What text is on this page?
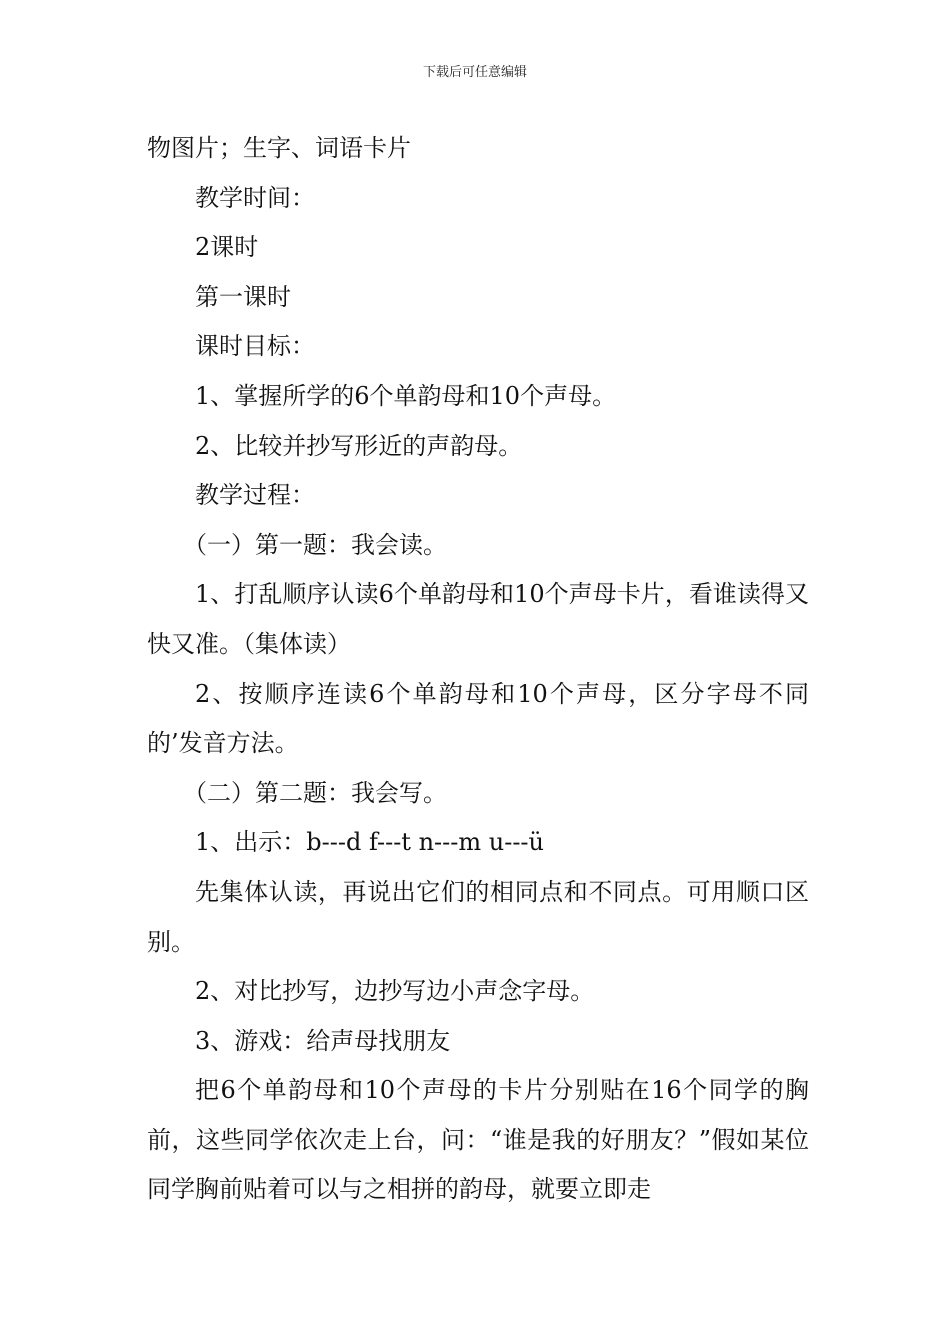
下载后可任意编辑

物图片；生字、词语卡片

教学时间：

2课时

第一课时

课时目标：

1、掌握所学的6个单韵母和10个声母。

2、比较并抄写形近的声韵母。

教学过程：

（一）第一题：我会读。

1、打乱顺序认读6个单韵母和10个声母卡片，看谁读得又快又准。（集体读）

2、按顺序连读6个单韵母和10个声母，区分字母不同的’发音方法。

（二）第二题：我会写。

1、出示：b---d f---t n---m u---ü

先集体认读，再说出它们的相同点和不同点。可用顺口区别。

2、对比抄写，边抄写边小声念字母。

3、游戏：给声母找朋友

把6个单韵母和10个声母的卡片分别贴在16个同学的胸前，这些同学依次走上台，问：“谁是我的好朋友？”假如某位同学胸前贴着可以与之相拼的韵母，就要立即走
